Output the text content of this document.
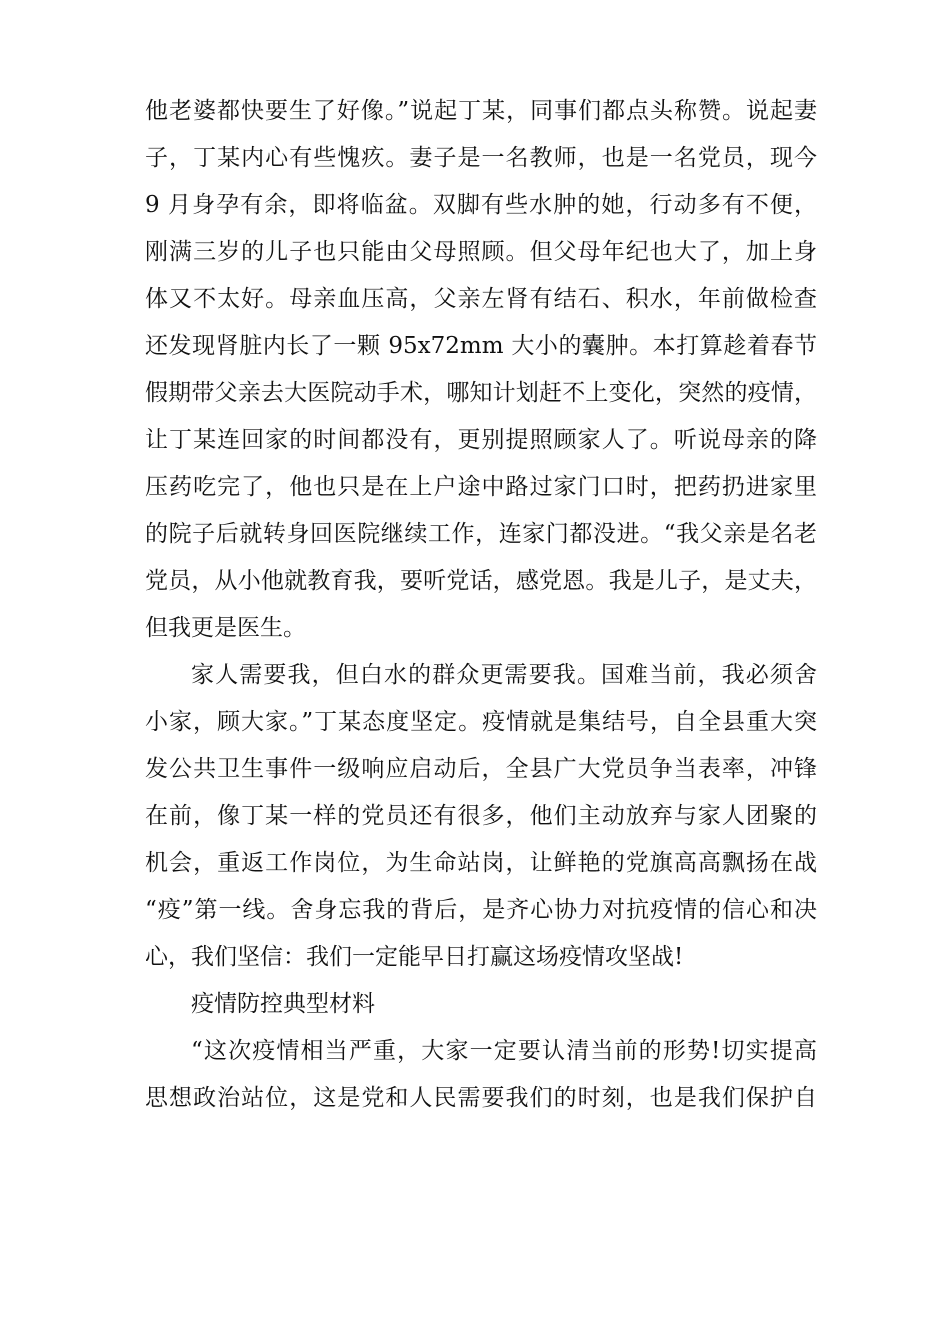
他老婆都快要生了好像。”说起丁某，同事们都点头称赞。说起妻
子，丁某内心有些愧疚。妻子是一名教师，也是一名党员，现今
9 月身孕有余，即将临盆。双脚有些水肿的她，行动多有不便，
刚满三岁的儿子也只能由父母照顾。但父母年纪也大了，加上身
体又不太好。母亲血压高，父亲左肾有结石、积水，年前做检查
还发现肾脏内长了一颗 95x72mm 大小的囊肿。本打算趁着春节
假期带父亲去大医院动手术，哪知计划赶不上变化，突然的疫情，
让丁某连回家的时间都没有，更别提照顾家人了。听说母亲的降
压药吃完了，他也只是在上户途中路过家门口时，把药扔进家里
的院子后就转身回医院继续工作，连家门都没进。“我父亲是名老
党员，从小他就教育我，要听党话，感党恩。我是儿子，是丈夫，
但我更是医生。
家人需要我，但白水的群众更需要我。国难当前，我必须舍
小家，顾大家。”丁某态度坚定。疫情就是集结号，自全县重大突
发公共卫生事件一级响应启动后，全县广大党员争当表率，冲锋
在前，像丁某一样的党员还有很多，他们主动放弃与家人团聚的
机会，重返工作岗位，为生命站岗，让鲜艳的党旗高高飘扬在战
“疫”第一线。舍身忘我的背后，是齐心协力对抗疫情的信心和决
心，我们坚信：我们一定能早日打赢这场疫情攻坚战!
疫情防控典型材料
“这次疫情相当严重，大家一定要认清当前的形势!切实提高
思想政治站位，这是党和人民需要我们的时刻，也是我们保护自
